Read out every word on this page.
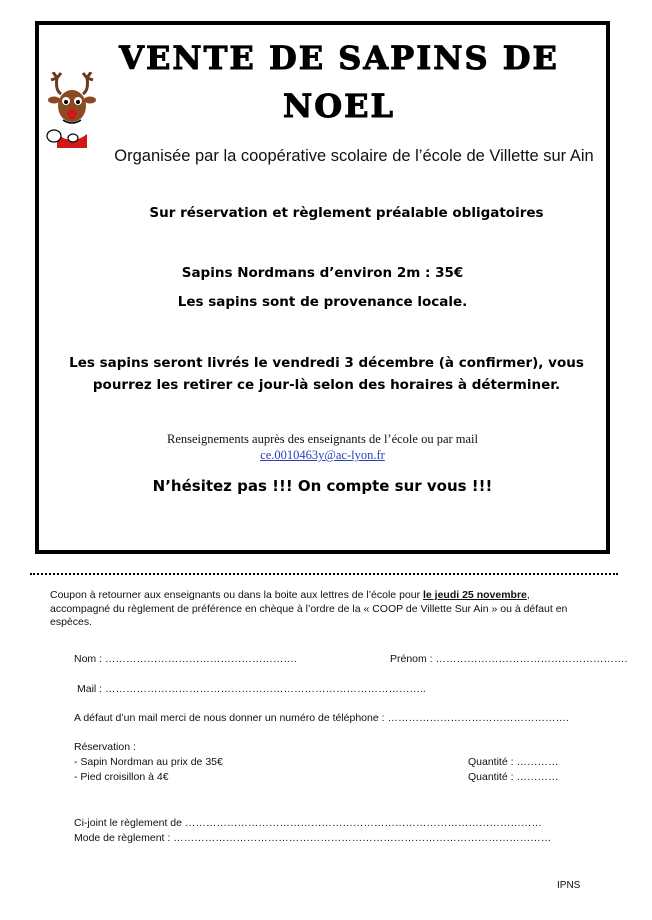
VENTE DE SAPINS DE
NOEL
Organisée par la coopérative scolaire de l’école de Villette sur Ain
Sur réservation et règlement préalable obligatoires
Sapins Nordmans d’environ 2m : 35€
Les sapins sont de provenance locale.
Les sapins seront livrés le vendredi 3 décembre (à confirmer), vous pourrez les retirer ce jour-là selon des horaires à déterminer.
Renseignements auprès des enseignants de l’école ou par mail
ce.0010463y@ac-lyon.fr
N’hésitez pas !!! On compte sur vous !!!
Coupon à retourner aux enseignants ou dans la boite aux lettres de l’école pour le jeudi 25 novembre, accompagné du règlement de préférence en chèque à l’ordre de la « COOP de Villette Sur Ain » ou à défaut en espèces.
Nom : ……………………………………………….	Prénom : ……………………………………………….
Mail : ………………………………………………………………………………..
A défaut d’un mail merci de nous donner un numéro de téléphone : …………………………………………….
Réservation :
- Sapin Nordman au prix de 35€	Quantité : …………
- Pied croisillon à 4€	Quantité : …………
Ci-joint le règlement de …………………………………………………………………………………………
Mode de règlement : ………………………………………………………………………………………………
IPNS
